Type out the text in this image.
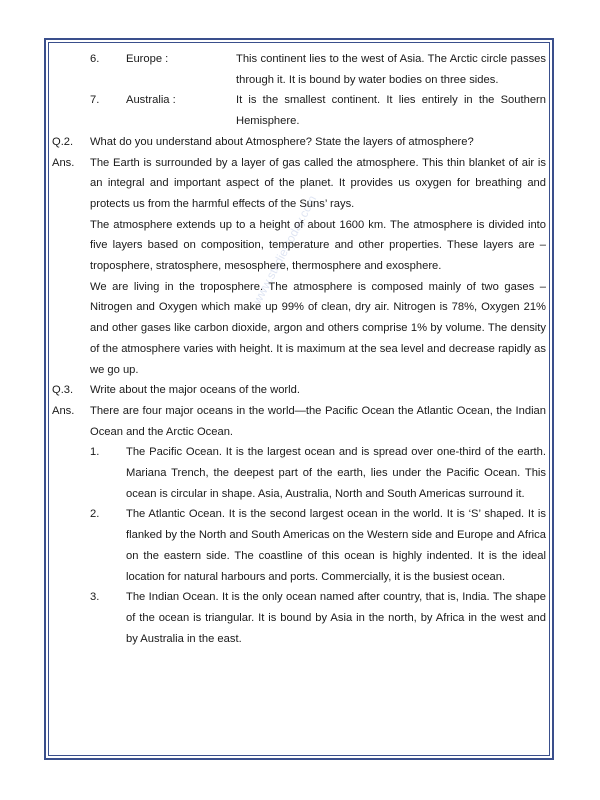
www.studiestoday.com
6.	Europe :	This continent lies to the west of Asia. The Arctic circle passes through it. It is bound by water bodies on three sides.
7.	Australia :	It is the smallest continent. It lies entirely in the Southern Hemisphere.
Q.2.	What do you understand about Atmosphere? State the layers of atmosphere?
Ans.	The Earth is surrounded by a layer of gas called the atmosphere. This thin blanket of air is an integral and important aspect of the planet. It provides us oxygen for breathing and protects us from the harmful effects of the Suns’ rays.
The atmosphere extends up to a height of about 1600 km. The atmosphere is divided into five layers based on composition, temperature and other properties. These layers are – troposphere, stratosphere, mesosphere, thermosphere and exosphere.
We are living in the troposphere. The atmosphere is composed mainly of two gases – Nitrogen and Oxygen which make up 99% of clean, dry air. Nitrogen is 78%, Oxygen 21% and other gases like carbon dioxide, argon and others comprise 1% by volume. The density of the atmosphere varies with height. It is maximum at the sea level and decrease rapidly as we go up.
Q.3.	Write about the major oceans of the world.
Ans.	There are four major oceans in the world—the Pacific Ocean the Atlantic Ocean, the Indian Ocean and the Arctic Ocean.
1.	The Pacific Ocean. It is the largest ocean and is spread over one-third of the earth. Mariana Trench, the deepest part of the earth, lies under the Pacific Ocean. This ocean is circular in shape. Asia, Australia, North and South Americas surround it.
2.	The Atlantic Ocean. It is the second largest ocean in the world. It is ‘S’ shaped. It is flanked by the North and South Americas on the Western side and Europe and Africa on the eastern side. The coastline of this ocean is highly indented. It is the ideal location for natural harbours and ports. Commercially, it is the busiest ocean.
3.	The Indian Ocean. It is the only ocean named after country, that is, India. The shape of the ocean is triangular. It is bound by Asia in the north, by Africa in the west and by Australia in the east.
